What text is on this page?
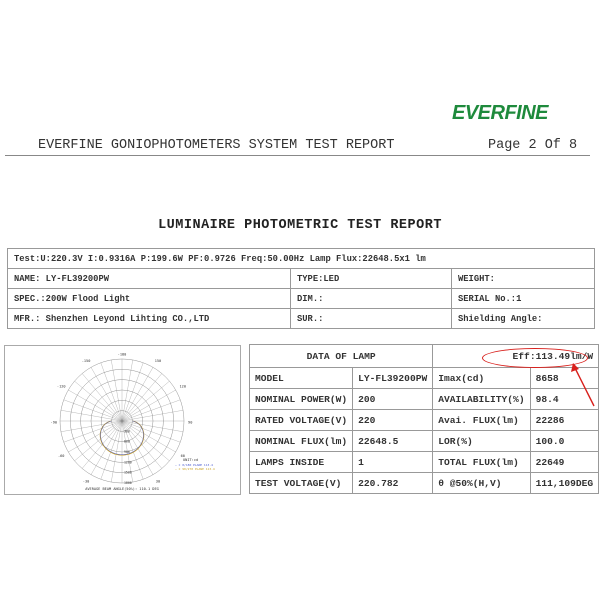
EVERFINE
EVERFINE GONIOPHOTOMETERS SYSTEM TEST REPORT	Page 2 Of 8
LUMINAIRE PHOTOMETRIC TEST REPORT
Test:U:220.3V I:0.9316A P:199.6W PF:0.9726 Freq:50.00Hz Lamp Flux:22648.5x1 lm		
NAME: LY-FL39200PW	TYPE:LED	WEIGHT:
SPEC.:200W Flood Light	DIM.:	SERIAL No.:1
MFR.: Shenzhen Leyond Lihting CO.,LTD	SUR.:	Shielding Angle:
-180
-150	150
-120	120
-90	90
-60	60
-30	30
300
600
900
1200
1500
1800
UNIT:cd
— C 0/180 PLANE 113.4
— C 90/270 PLANE 113.4
AVERAGE BEAM ANGLE(50%): 110.1 DEG
DATA OF LAMP		Eff:113.49lm/W	
MODEL	LY-FL39200PW	Imax(cd)	8658
NOMINAL POWER(W)	200	AVAILABILITY(%)	98.4
RATED VOLTAGE(V)	220	Avai. FLUX(lm)	22286
NOMINAL FLUX(lm)	22648.5	LOR(%)	100.0
LAMPS INSIDE	1	TOTAL FLUX(lm)	22649
TEST VOLTAGE(V)	220.782	θ @50%(H,V)	111,109DEG
